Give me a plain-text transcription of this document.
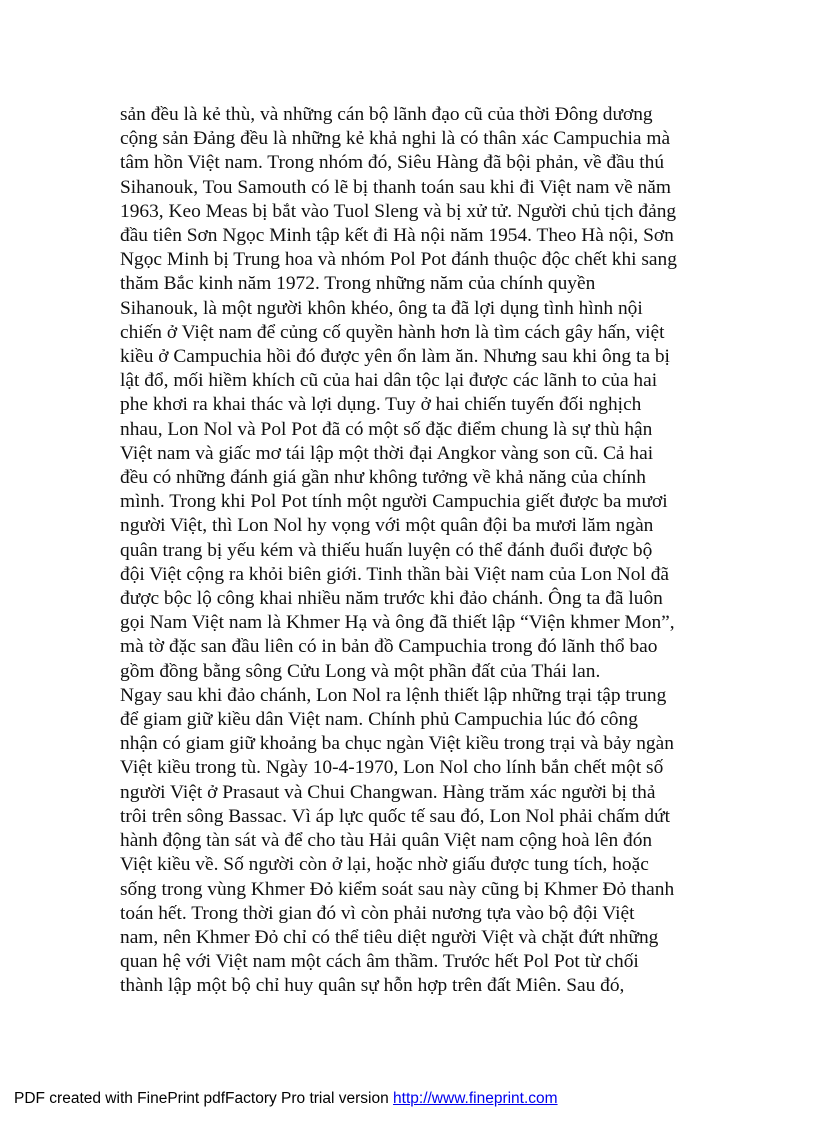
sản đều là kẻ thù, và những cán bộ lãnh đạo cũ của thời Đông dương
cộng sản Đảng đều là những kẻ khả nghi là có thân xác Campuchia mà
tâm hồn Việt nam. Trong nhóm đó, Siêu Hàng đã bội phản, về đầu thú
Sihanouk, Tou Samouth có lẽ bị thanh toán sau khi đi Việt nam về năm
1963, Keo Meas bị bắt vào Tuol Sleng và bị xử tử. Người chủ tịch đảng
đầu tiên Sơn Ngọc Minh tập kết đi Hà nội năm 1954. Theo Hà nội, Sơn
Ngọc Minh bị Trung hoa và nhóm Pol Pot đánh thuộc độc chết khi sang
thăm Bắc kinh năm 1972. Trong những năm của chính quyền
Sihanouk, là một người khôn khéo, ông ta đã lợi dụng tình hình nội
chiến ở Việt nam để củng cố quyền hành hơn là tìm cách gây hấn, việt
kiều ở Campuchia hồi đó được yên ổn làm ăn. Nhưng sau khi ông ta bị
lật đổ, mối hiềm khích cũ của hai dân tộc lại được các lãnh to của hai
phe khơi ra khai thác và lợi dụng. Tuy ở hai chiến tuyến đối nghịch
nhau, Lon Nol và Pol Pot đã có một số đặc điểm chung là sự thù hận
Việt nam và giấc mơ tái lập một thời đại Angkor vàng son cũ. Cả hai
đều có những đánh giá gần như không tưởng về khả năng của chính
mình. Trong khi Pol Pot tính một người Campuchia giết được ba mươi
người Việt, thì Lon Nol hy vọng với một quân đội ba mươi lăm ngàn
quân trang bị yếu kém và thiếu huấn luyện có thể đánh đuổi được bộ
đội Việt cộng ra khỏi biên giới. Tinh thần bài Việt nam của Lon Nol đã
được bộc lộ công khai nhiều năm trước khi đảo chánh. Ông ta đã luôn
gọi Nam Việt nam là Khmer Hạ và ông đã thiết lập “Viện khmer Mon”,
mà tờ đặc san đầu liên có in bản đồ Campuchia trong đó lãnh thổ bao
gồm đồng bằng sông Cửu Long và một phần đất của Thái lan.
Ngay sau khi đảo chánh, Lon Nol ra lệnh thiết lập những trại tập trung
để giam giữ kiều dân Việt nam. Chính phủ Campuchia lúc đó công
nhận có giam giữ khoảng ba chục ngàn Việt kiều trong trại và bảy ngàn
Việt kiều trong tù. Ngày 10-4-1970, Lon Nol cho lính bắn chết một số
người Việt ở Prasaut và Chui Changwan. Hàng trăm xác người bị thả
trôi trên sông Bassac. Vì áp lực quốc tế sau đó, Lon Nol phải chấm dứt
hành động tàn sát và để cho tàu Hải quân Việt nam cộng hoà lên đón
Việt kiều về. Số người còn ở lại, hoặc nhờ giấu được tung tích, hoặc
sống trong vùng Khmer Đỏ kiểm soát sau này cũng bị Khmer Đỏ thanh
toán hết. Trong thời gian đó vì còn phải nương tựa vào bộ đội Việt
nam, nên Khmer Đỏ chỉ có thể tiêu diệt người Việt và chặt đứt những
quan hệ với Việt nam một cách âm thầm. Trước hết Pol Pot từ chối
thành lập một bộ chỉ huy quân sự hỗn hợp trên đất Miên. Sau đó,
PDF created with FinePrint pdfFactory Pro trial version http://www.fineprint.com
